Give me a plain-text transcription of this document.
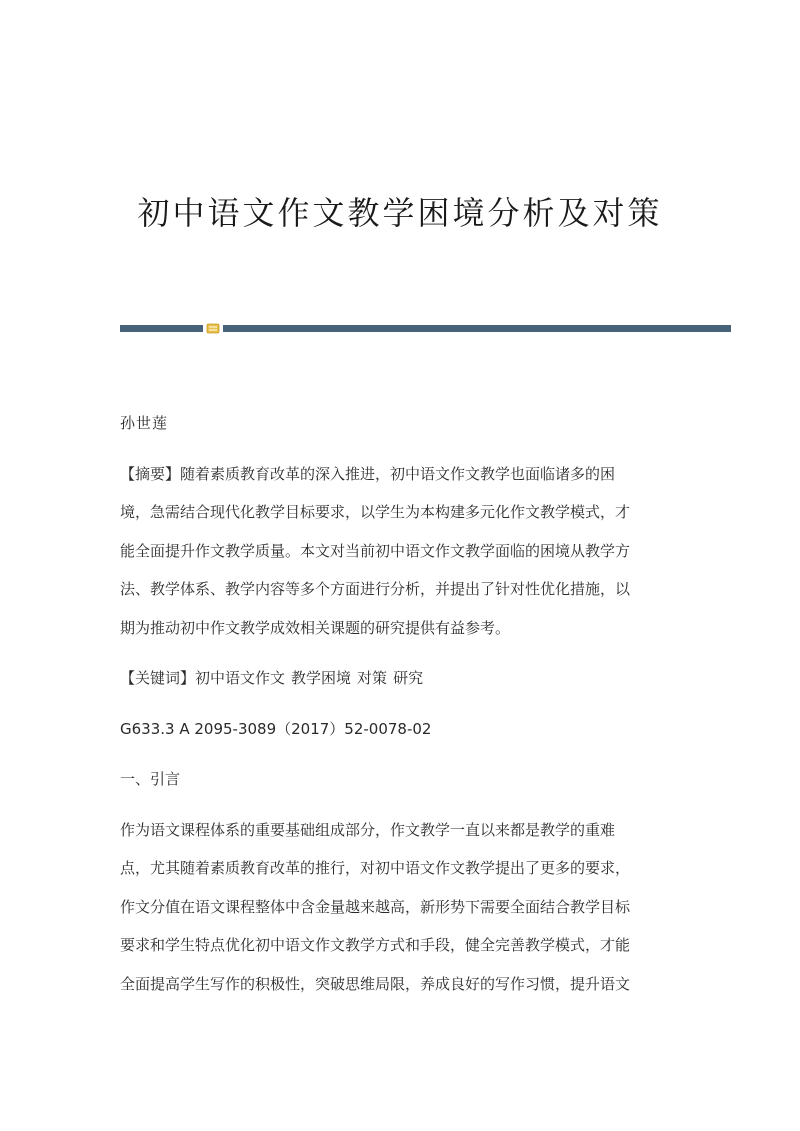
初中语文作文教学困境分析及对策
孙世莲
【摘要】随着素质教育改革的深入推进，初中语文作文教学也面临诸多的困
境，急需结合现代化教学目标要求，以学生为本构建多元化作文教学模式，才
能全面提升作文教学质量。本文对当前初中语文作文教学面临的困境从教学方
法、教学体系、教学内容等多个方面进行分析，并提出了针对性优化措施，以
期为推动初中作文教学成效相关课题的研究提供有益参考。
【关键词】初中语文作文 教学困境 对策 研究
G633.3 A 2095-3089（2017）52-0078-02
一、引言
作为语文课程体系的重要基础组成部分，作文教学一直以来都是教学的重难
点，尤其随着素质教育改革的推行，对初中语文作文教学提出了更多的要求，
作文分值在语文课程整体中含金量越来越高，新形势下需要全面结合教学目标
要求和学生特点优化初中语文作文教学方式和手段，健全完善教学模式，才能
全面提高学生写作的积极性，突破思维局限，养成良好的写作习惯，提升语文
